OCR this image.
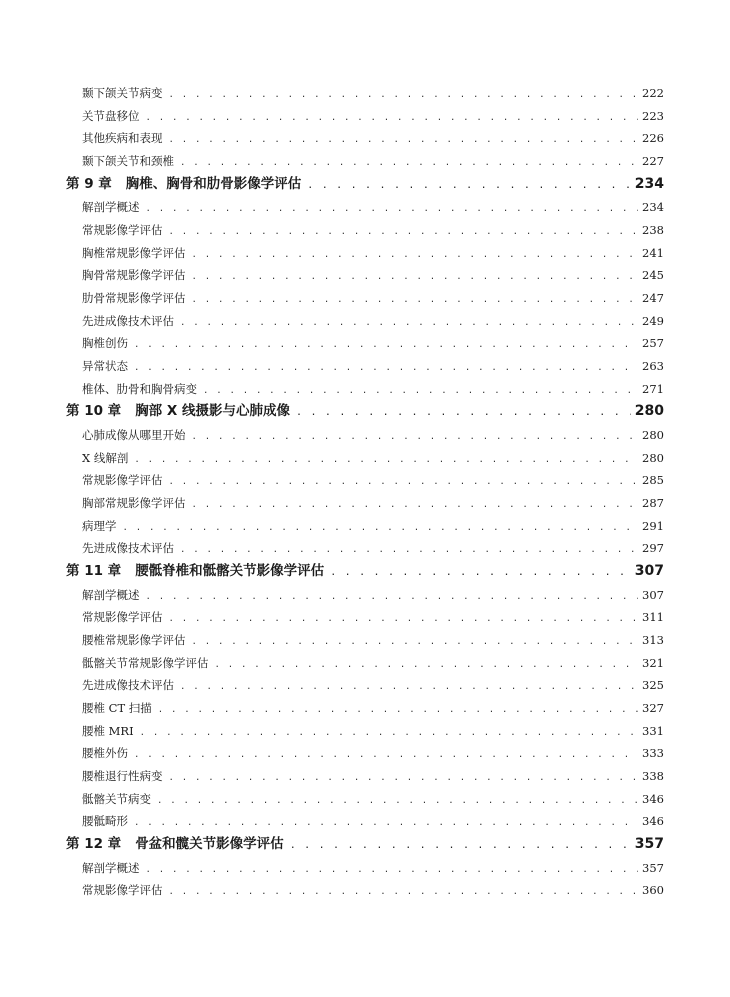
颞下颌关节病变 . . .	222
关节盘移位 . . .	223
其他疾病和表现 . . .	226
颞下颌关节和颈椎 . . .	227
第 9 章 胸椎、胸骨和肋骨影像学评估 . . .	234
解剖学概述 . . .	234
常规影像学评估 . . .	238
胸椎常规影像学评估 . . .	241
胸骨常规影像学评估 . . .	245
肋骨常规影像学评估 . . .	247
先进成像技术评估 . . .	249
胸椎创伤 . . .	257
异常状态 . . .	263
椎体、肋骨和胸骨病变 . . .	271
第 10 章 胸部 X 线摄影与心肺成像 . . .	280
心肺成像从哪里开始 . . .	280
X 线解剖 . . .	280
常规影像学评估 . . .	285
胸部常规影像学评估 . . .	287
病理学 . . .	291
先进成像技术评估 . . .	297
第 11 章 腰骶脊椎和骶髂关节影像学评估 . . .	307
解剖学概述 . . .	307
常规影像学评估 . . .	311
腰椎常规影像学评估 . . .	313
骶髂关节常规影像学评估 . . .	321
先进成像技术评估 . . .	325
腰椎 CT 扫描 . . .	327
腰椎 MRI . . .	331
腰椎外伤 . . .	333
腰椎退行性病变 . . .	338
骶髂关节病变 . . .	346
腰骶畸形 . . .	346
第 12 章 骨盆和髋关节影像学评估 . . .	357
解剖学概述 . . .	357
常规影像学评估 . . .	360
